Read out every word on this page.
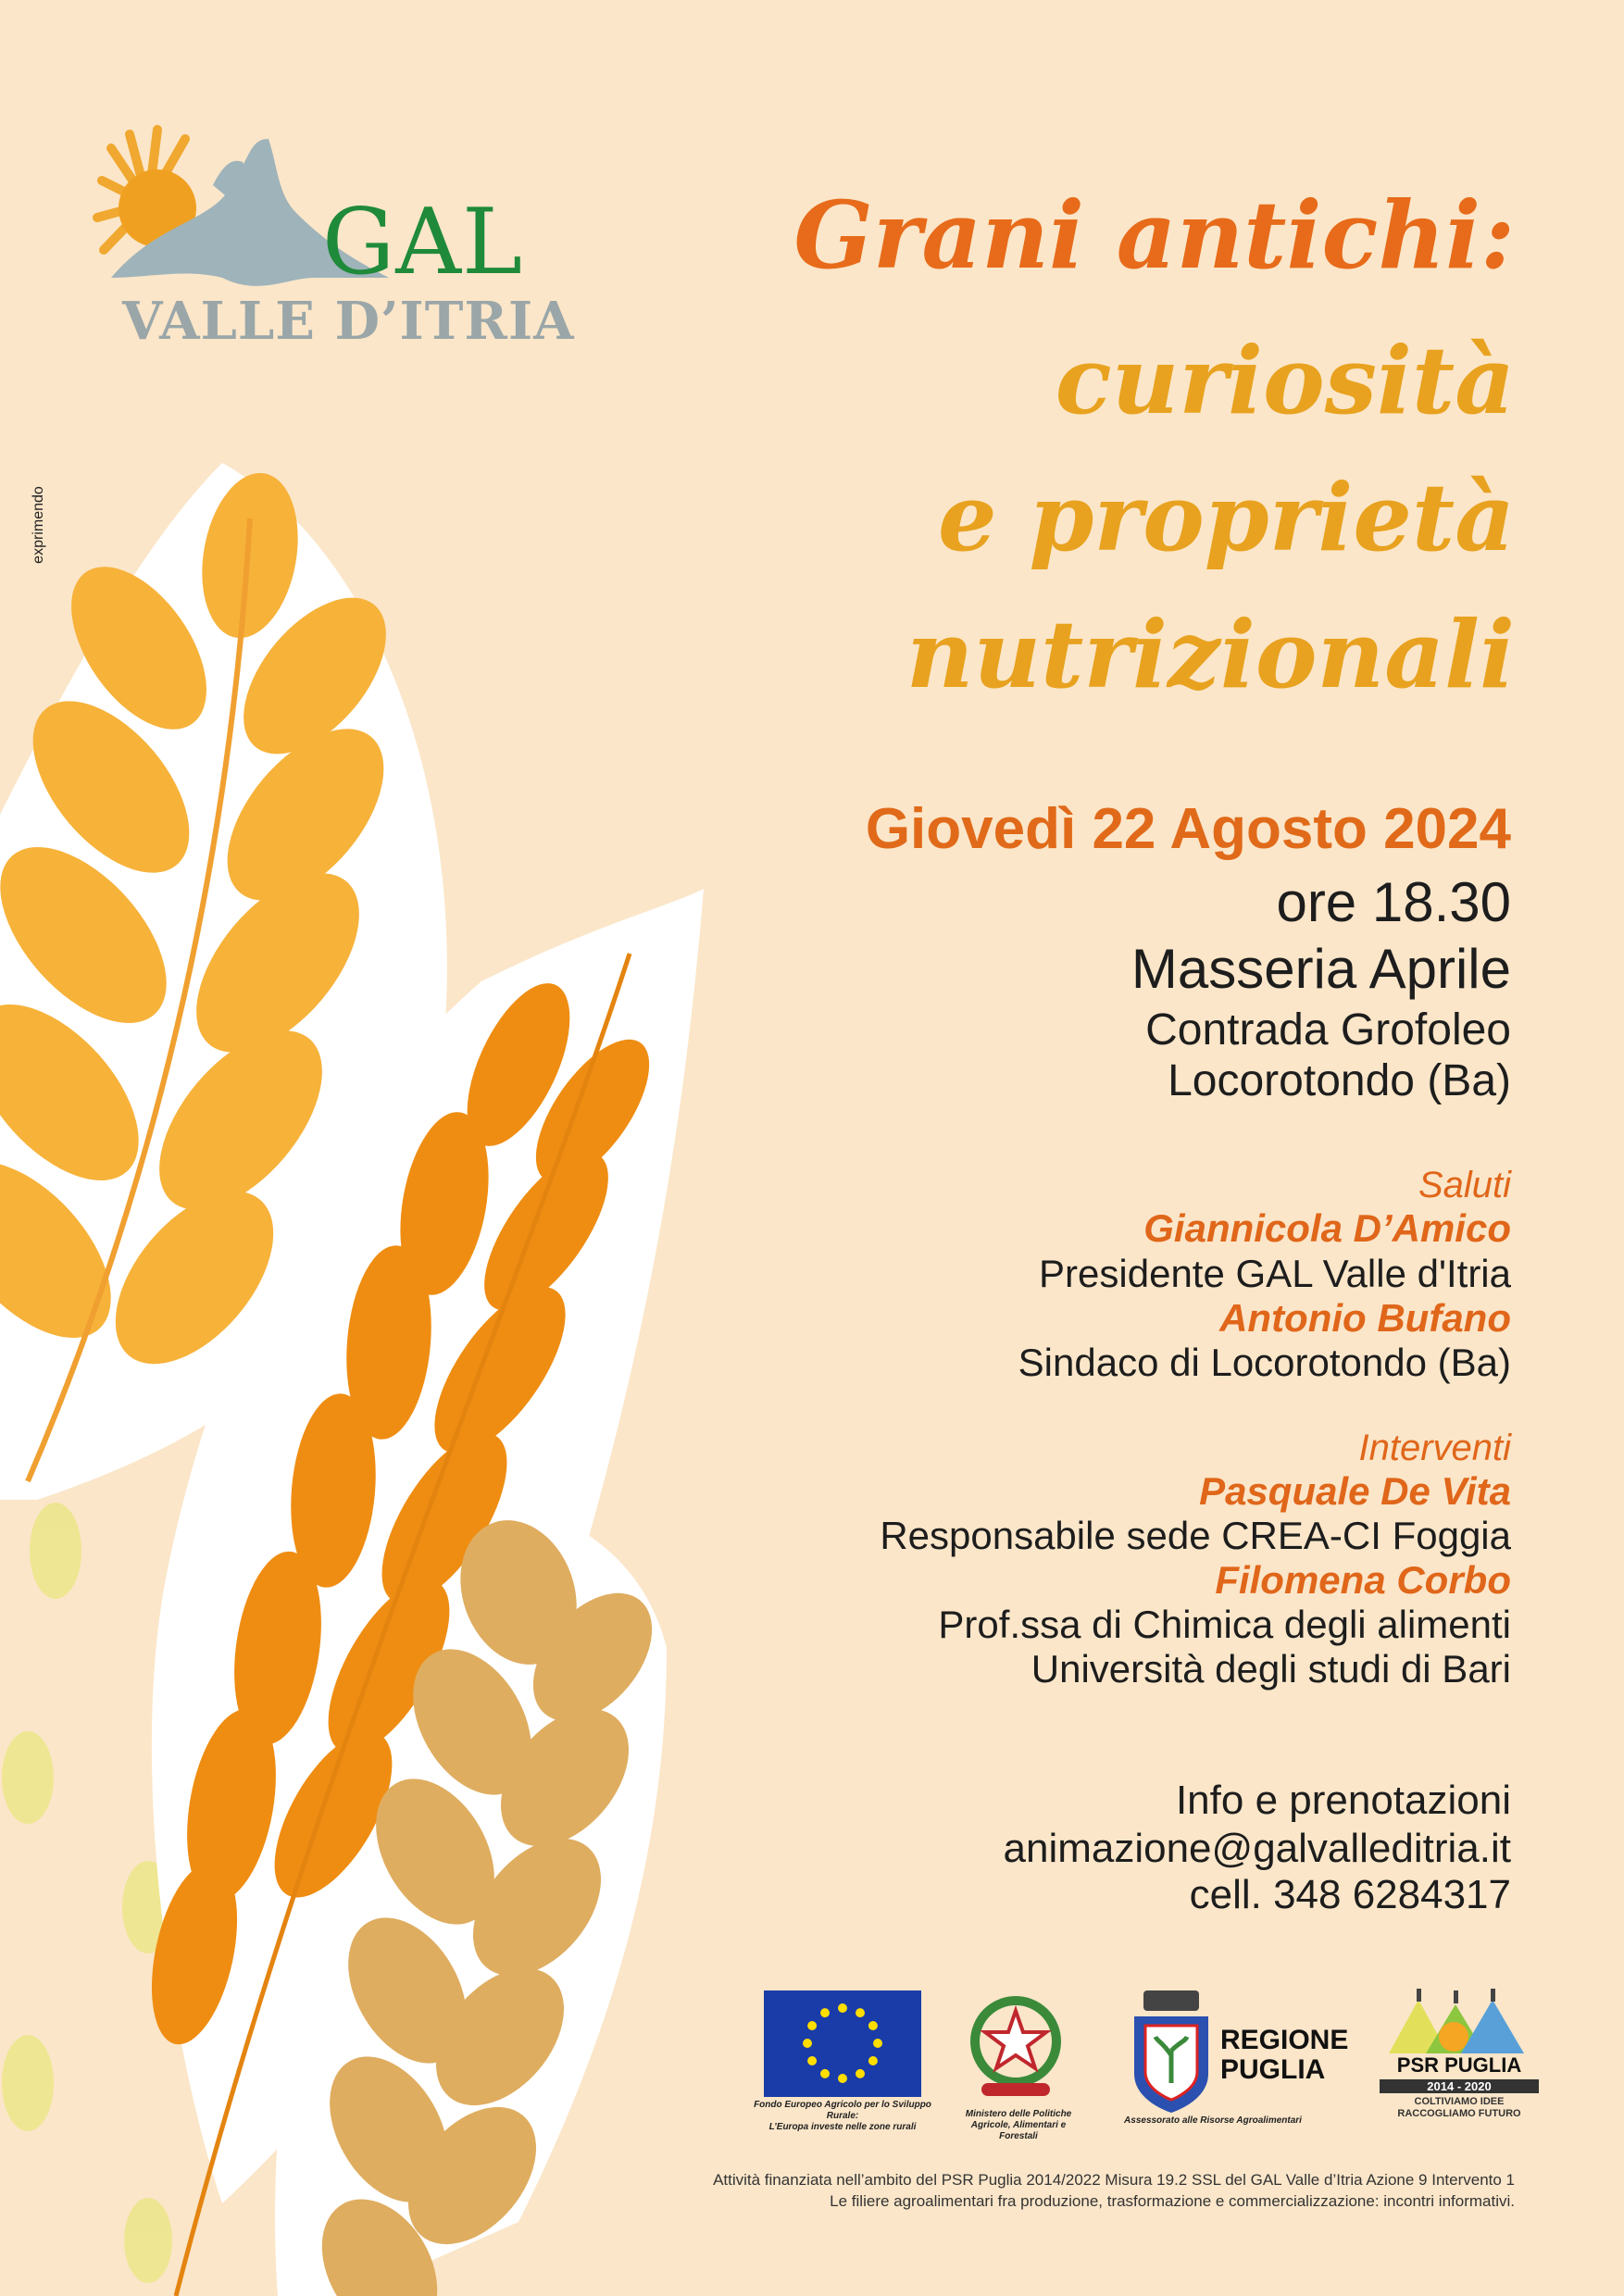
exprimendo
GAL
VALLE D’ITRIA
Grani antichi:
curiosità
e proprietà
nutrizionali
Giovedì 22 Agosto 2024
ore 18.30
Masseria Aprile
Contrada Grofoleo
Locorotondo (Ba)
Saluti
Giannicola D’Amico
Presidente GAL Valle d'Itria
Antonio Bufano
Sindaco di Locorotondo (Ba)
Interventi
Pasquale De Vita
Responsabile sede CREA-CI Foggia
Filomena Corbo
Prof.ssa di Chimica degli alimenti
Università degli studi di Bari
Info e prenotazioni
animazione@galvalleditria.it
cell. 348 6284317
Fondo Europeo Agricolo per lo Sviluppo Rurale:
L’Europa investe nelle zone rurali
Ministero delle Politiche
Agricole, Alimentari e Forestali
Assessorato alle Risorse Agroalimentari
REGIONE
PUGLIA	PSR PUGLIA
2014 - 2020
COLTIVIAMO IDEE
RACCOGLIAMO FUTURO
Attività finanziata nell’ambito del PSR Puglia 2014/2022 Misura 19.2 SSL del GAL Valle d’Itria Azione 9 Intervento 1
Le filiere agroalimentari fra produzione, trasformazione e commercializzazione: incontri informativi.
